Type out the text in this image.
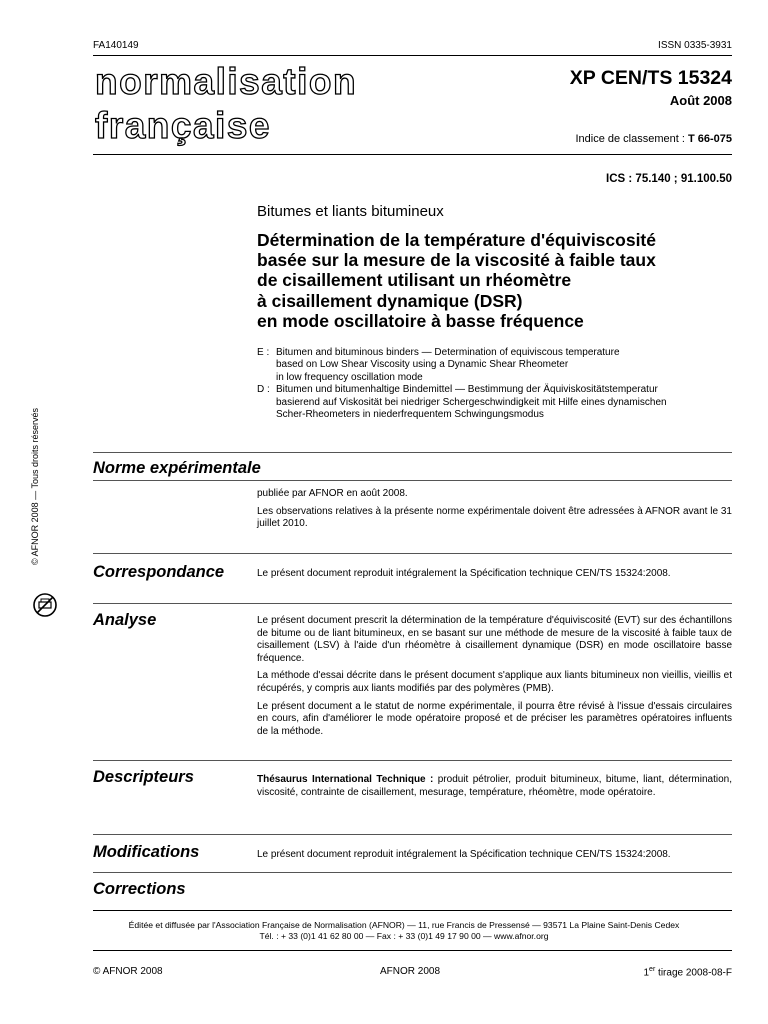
FA140149	ISSN 0335-3931
normalisation
française
XP CEN/TS 15324
Août 2008
Indice de classement : T 66-075
ICS : 75.140 ; 91.100.50
Bitumes et liants bitumineux
Détermination de la température d'équiviscosité
basée sur la mesure de la viscosité à faible taux
de cisaillement utilisant un rhéomètre
à cisaillement dynamique (DSR)
en mode oscillatoire à basse fréquence
E : Bitumen and bituminous binders — Determination of equiviscous temperature
based on Low Shear Viscosity using a Dynamic Shear Rheometer
in low frequency oscillation mode
D : Bitumen und bitumenhaltige Bindemittel — Bestimmung der Äquiviskositätstemperatur
basierend auf Viskosität bei niedriger Schergeschwindigkeit mit Hilfe eines dynamischen
Scher-Rheometers in niederfrequentem Schwingungsmodus
Norme expérimentale

publiée par AFNOR en août 2008.

Les observations relatives à la présente norme expérimentale doivent être adressées à AFNOR avant le 31 juillet 2010.

Correspondance	Le présent document reproduit intégralement la Spécification technique CEN/TS 15324:2008.
Analyse	Le présent document prescrit la détermination de la température d'équiviscosité (EVT) sur des échantillons de bitume ou de liant bitumineux, en se basant sur une méthode de mesure de la viscosité à faible taux de cisaillement (LSV) à l'aide d'un rhéomètre à cisaillement dynamique (DSR) en mode oscillatoire basse fréquence.

La méthode d'essai décrite dans le présent document s'applique aux liants bitumineux non vieillis, vieillis et récupérés, y compris aux liants modifiés par des polymères (PMB).

Le présent document a le statut de norme expérimentale, il pourra être révisé à l'issue d'essais circulaires en cours, afin d'améliorer le mode opératoire proposé et de préciser les paramètres opératoires influents de la méthode.

Descripteurs	Thésaurus International Technique : produit pétrolier, produit bitumineux, bitume, liant, détermination, viscosité, contrainte de cisaillement, mesurage, température, rhéomètre, mode opératoire.
Modifications	Le présent document reproduit intégralement la Spécification technique CEN/TS 15324:2008.
Corrections
Éditée et diffusée par l'Association Française de Normalisation (AFNOR) — 11, rue Francis de Pressensé — 93571 La Plaine Saint-Denis Cedex
Tél. : + 33 (0)1 41 62 80 00 — Fax : + 33 (0)1 49 17 90 00 — www.afnor.org
© AFNOR 2008	AFNOR 2008	1er tirage 2008-08-F
© AFNOR 2008 — Tous droits réservés
